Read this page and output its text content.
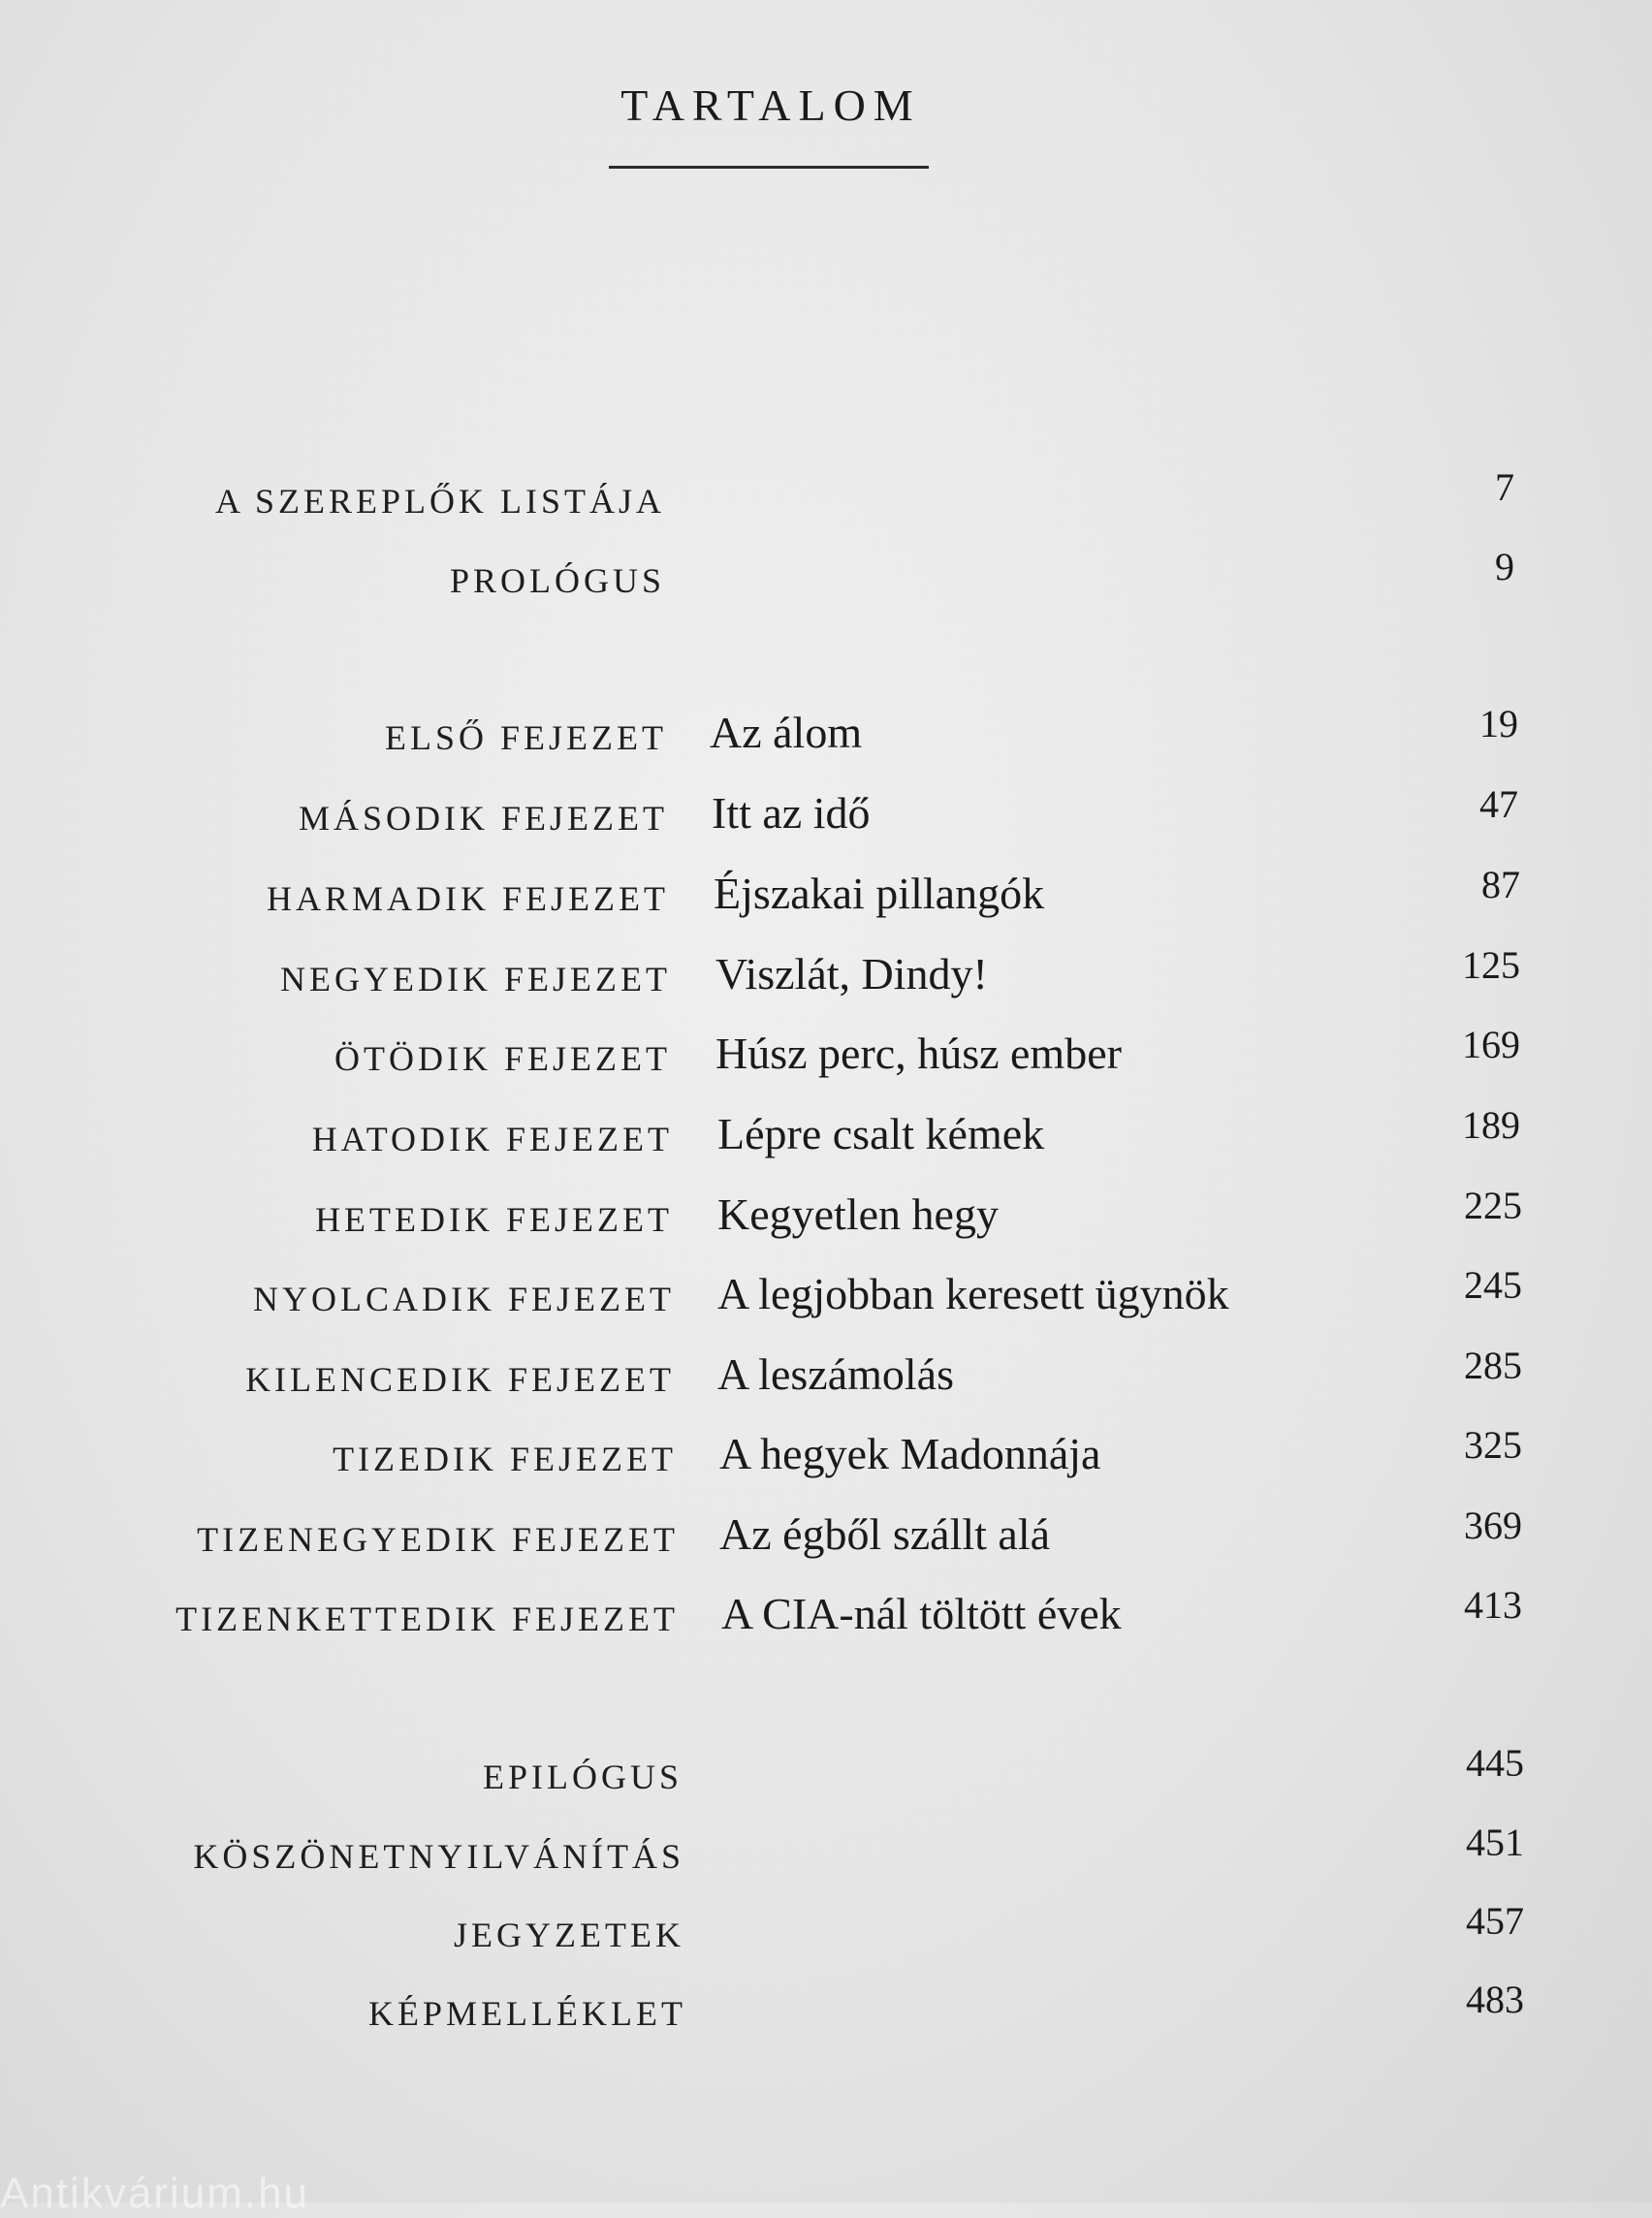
TARTALOM
A SZEREPLŐK LISTÁJA	7
PROLÓGUS	9
ELSŐ FEJEZET Az álom	19
MÁSODIK FEJEZET Itt az idő	47
HARMADIK FEJEZET Éjszakai pillangók	87
NEGYEDIK FEJEZET Viszlát, Dindy!	125
ÖTÖDIK FEJEZET Húsz perc, húsz ember	169
HATODIK FEJEZET Lépre csalt kémek	189
HETEDIK FEJEZET Kegyetlen hegy	225
NYOLCADIK FEJEZET A legjobban keresett ügynök	245
KILENCEDIK FEJEZET A leszámolás	285
TIZEDIK FEJEZET A hegyek Madonnája	325
TIZENEGYEDIK FEJEZET Az égből szállt alá	369
TIZENKETTEDIK FEJEZET A CIA-nál töltött évek	413
EPILÓGUS	445
KÖSZÖNETNYILVÁNÍTÁS	451
JEGYZETEK	457
KÉPMELLÉKLET	483
Antikvárium.hu
